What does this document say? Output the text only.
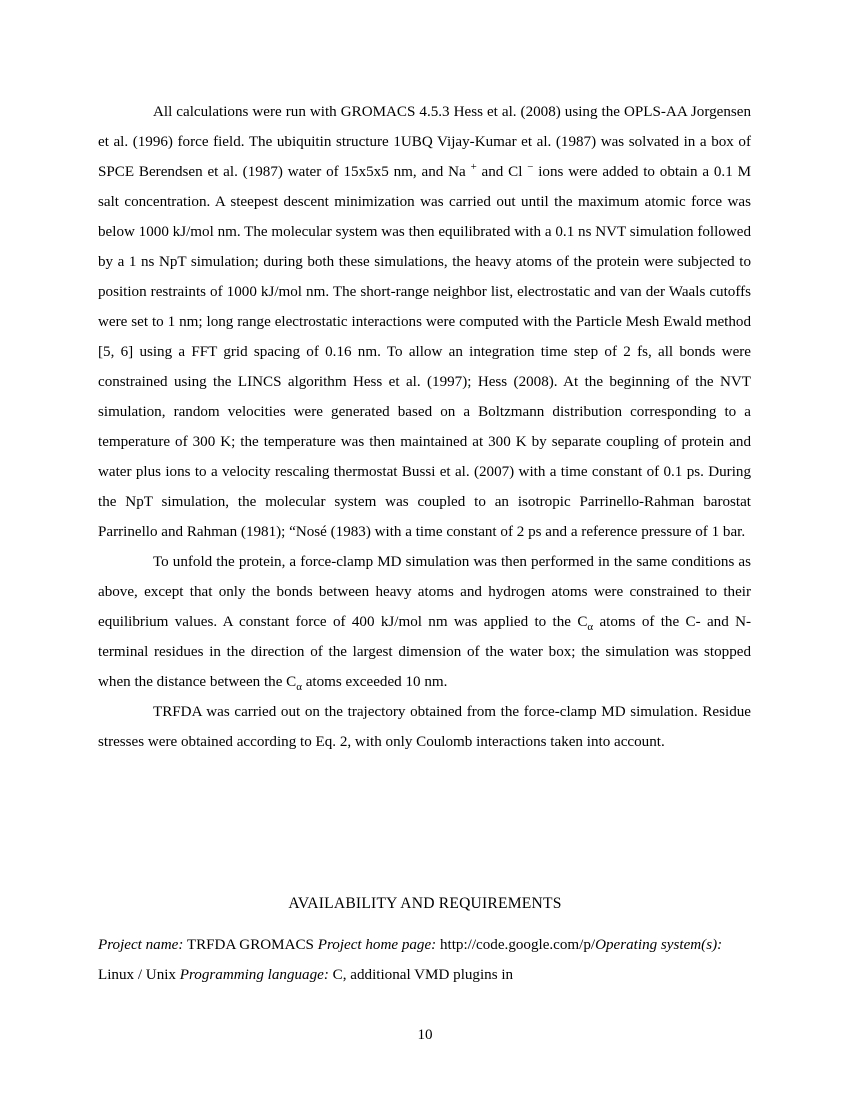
All calculations were run with GROMACS 4.5.3 Hess et al. (2008) using the OPLS-AA Jorgensen et al. (1996) force field. The ubiquitin structure 1UBQ Vijay-Kumar et al. (1987) was solvated in a box of SPCE Berendsen et al. (1987) water of 15x5x5 nm, and Na + and Cl − ions were added to obtain a 0.1 M salt concentration. A steepest descent minimization was carried out until the maximum atomic force was below 1000 kJ/mol nm. The molecular system was then equilibrated with a 0.1 ns NVT simulation followed by a 1 ns NpT simulation; during both these simulations, the heavy atoms of the protein were subjected to position restraints of 1000 kJ/mol nm. The short-range neighbor list, electrostatic and van der Waals cutoffs were set to 1 nm; long range electrostatic interactions were computed with the Particle Mesh Ewald method [5, 6] using a FFT grid spacing of 0.16 nm. To allow an integration time step of 2 fs, all bonds were constrained using the LINCS algorithm Hess et al. (1997); Hess (2008). At the beginning of the NVT simulation, random velocities were generated based on a Boltzmann distribution corresponding to a temperature of 300 K; the temperature was then maintained at 300 K by separate coupling of protein and water plus ions to a velocity rescaling thermostat Bussi et al. (2007) with a time constant of 0.1 ps. During the NpT simulation, the molecular system was coupled to an isotropic Parrinello-Rahman barostat Parrinello and Rahman (1981); “Nosé (1983) with a time constant of 2 ps and a reference pressure of 1 bar.

To unfold the protein, a force-clamp MD simulation was then performed in the same conditions as above, except that only the bonds between heavy atoms and hydrogen atoms were constrained to their equilibrium values. A constant force of 400 kJ/mol nm was applied to the $C_\alpha$ atoms of the C- and N-terminal residues in the direction of the largest dimension of the water box; the simulation was stopped when the distance between the $C_\alpha$ atoms exceeded 10 nm.

TRFDA was carried out on the trajectory obtained from the force-clamp MD simulation. Residue stresses were obtained according to Eq. 2, with only Coulomb interactions taken into account.

AVAILABILITY AND REQUIREMENTS

Project name: TRFDA GROMACS Project home page: http://code.google.com/p/Operating system(s):

Linux / Unix Programming language: C, additional VMD plugins in

10
